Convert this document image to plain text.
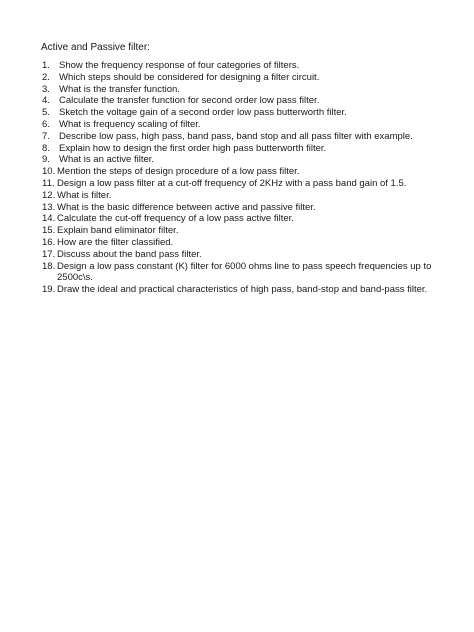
Active and Passive filter:
1. Show the frequency response of four categories of filters.
2. Which steps should be considered for designing a filter circuit.
3. What is the transfer function.
4. Calculate the transfer function for second order low pass filter.
5. Sketch the voltage gain of a second order low pass butterworth filter.
6. What is frequency scaling of filter.
7. Describe low pass, high pass, band pass, band stop and all pass filter with example.
8. Explain how to design the first order high pass butterworth filter.
9. What is an active filter.
10. Mention the steps of design procedure of a low pass filter.
11. Design a low pass filter at a cut-off frequency of 2KHz with a pass band gain of 1.5.
12. What is filter.
13. What is the basic difference between active and passive filter.
14. Calculate the cut-off frequency of a low pass active filter.
15. Explain band eliminator filter.
16. How are the filter classified.
17. Discuss about the band pass filter.
18. Design a low pass constant (K) filter for 6000 ohms line to pass speech frequencies up to 2500c\s.
19. Draw the ideal and practical characteristics of high pass, band-stop and band-pass filter.
